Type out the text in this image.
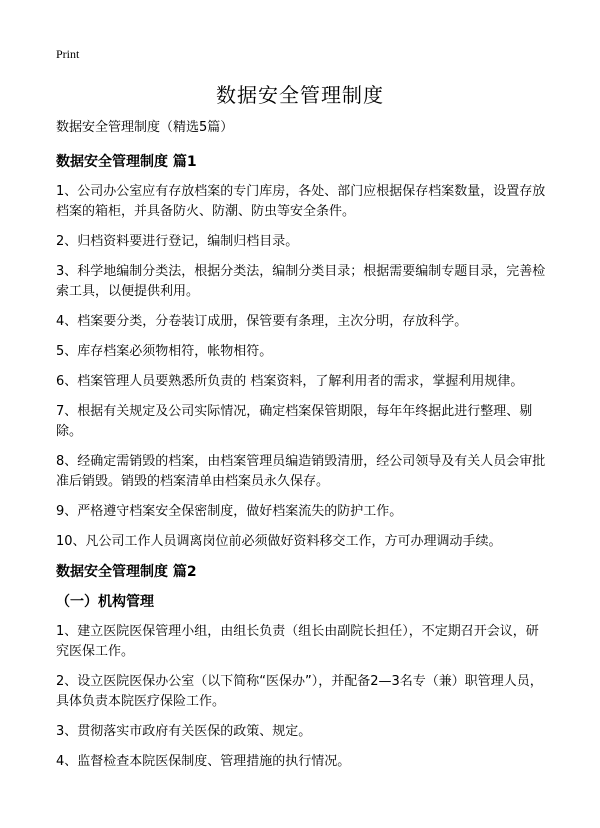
Print
数据安全管理制度

数据安全管理制度（精选5篇）

数据安全管理制度 篇1

1、公司办公室应有存放档案的专门库房，各处、部门应根据保存档案数量，设置存放档案的箱柜，并具备防火、防潮、防虫等安全条件。

2、归档资料要进行登记，编制归档目录。

3、科学地编制分类法，根据分类法，编制分类目录；根据需要编制专题目录，完善检索工具，以便提供利用。

4、档案要分类，分卷装订成册，保管要有条理，主次分明，存放科学。

5、库存档案必须物相符，帐物相符。

6、档案管理人员要熟悉所负责的 档案资料，了解利用者的需求，掌握利用规律。

7、根据有关规定及公司实际情况，确定档案保管期限，每年年终据此进行整理、剔除。

8、经确定需销毁的档案，由档案管理员编造销毁清册，经公司领导及有关人员会审批准后销毁。销毁的档案清单由档案员永久保存。

9、严格遵守档案安全保密制度，做好档案流失的防护工作。

10、凡公司工作人员调离岗位前必须做好资料移交工作，方可办理调动手续。

数据安全管理制度 篇2

（一）机构管理

1、建立医院医保管理小组，由组长负责（组长由副院长担任），不定期召开会议，研究医保工作。

2、设立医院医保办公室（以下简称“医保办”），并配备2—3名专（兼）职管理人员，具体负责本院医疗保险工作。

3、贯彻落实市政府有关医保的政策、规定。

4、监督检查本院医保制度、管理措施的执行情况。
